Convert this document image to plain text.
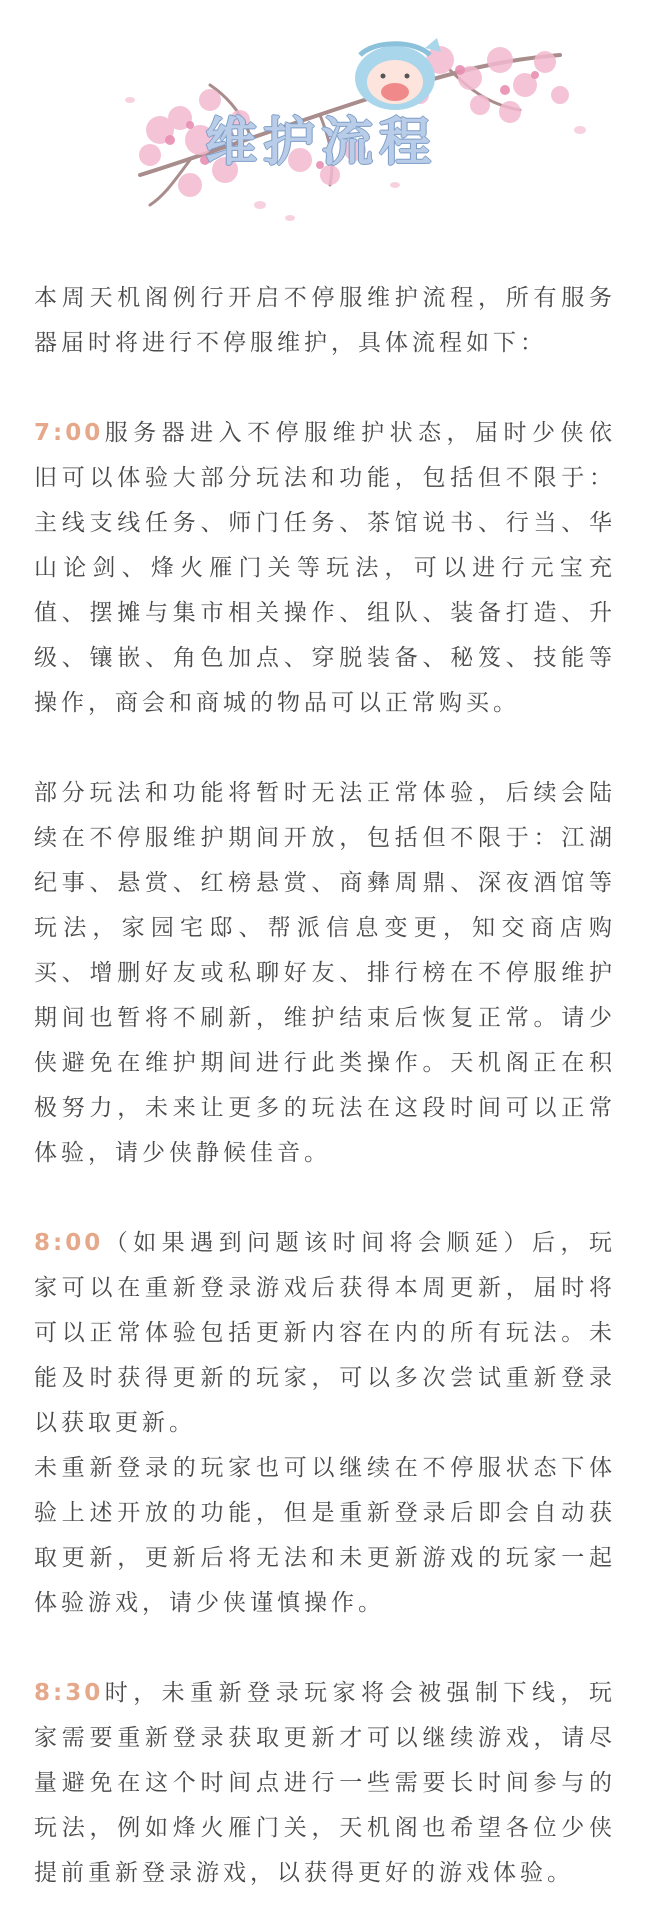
维护流程

本周天机阁例行开启不停服维护流程，所有服务器届时将进行不停服维护，具体流程如下：

7:00服务器进入不停服维护状态，届时少侠依旧可以体验大部分玩法和功能，包括但不限于：主线支线任务、师门任务、茶馆说书、行当、华山论剑、烽火雁门关等玩法，可以进行元宝充值、摆摊与集市相关操作、组队、装备打造、升级、镶嵌、角色加点、穿脱装备、秘笈、技能等操作，商会和商城的物品可以正常购买。

部分玩法和功能将暂时无法正常体验，后续会陆续在不停服维护期间开放，包括但不限于：江湖纪事、悬赏、红榜悬赏、商彝周鼎、深夜酒馆等玩法，家园宅邸、帮派信息变更，知交商店购买、增删好友或私聊好友、排行榜在不停服维护期间也暂将不刷新，维护结束后恢复正常。请少侠避免在维护期间进行此类操作。天机阁正在积极努力，未来让更多的玩法在这段时间可以正常体验，请少侠静候佳音。

8:00（如果遇到问题该时间将会顺延）后，玩家可以在重新登录游戏后获得本周更新，届时将可以正常体验包括更新内容在内的所有玩法。未能及时获得更新的玩家，可以多次尝试重新登录以获取更新。

未重新登录的玩家也可以继续在不停服状态下体验上述开放的功能，但是重新登录后即会自动获取更新，更新后将无法和未更新游戏的玩家一起体验游戏，请少侠谨慎操作。

8:30时，未重新登录玩家将会被强制下线，玩家需要重新登录获取更新才可以继续游戏，请尽量避免在这个时间点进行一些需要长时间参与的玩法，例如烽火雁门关，天机阁也希望各位少侠提前重新登录游戏，以获得更好的游戏体验。
